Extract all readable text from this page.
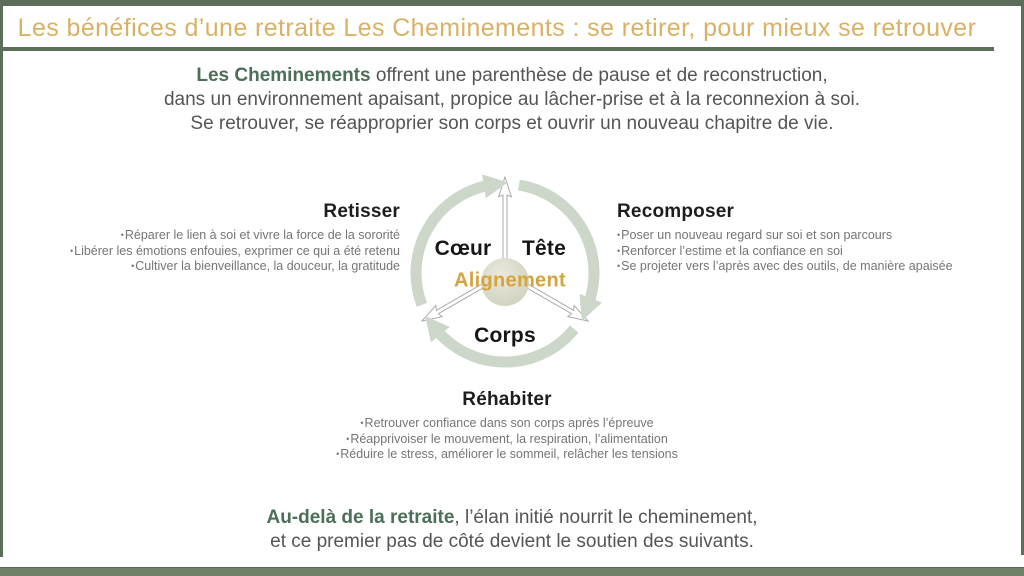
Les bénéfices d’une retraite Les Cheminements : se retirer, pour mieux se retrouver
Les Cheminements offrent une parenthèse de pause et de reconstruction,
dans un environnement apaisant, propice au lâcher-prise et à la reconnexion à soi.
Se retrouver, se réapproprier son corps et ouvrir un nouveau chapitre de vie.
Cœur Tête
Corps
Alignement
Retisser
•Réparer le lien à soi et vivre la force de la sororité
•Libérer les émotions enfouies, exprimer ce qui a été retenu
•Cultiver la bienveillance, la douceur, la gratitude
Recomposer
•Poser un nouveau regard sur soi et son parcours
•Renforcer l’estime et la confiance en soi
•Se projeter vers l’après avec des outils, de manière apaisée
Réhabiter
•Retrouver confiance dans son corps après l’épreuve
•Réapprivoiser le mouvement, la respiration, l’alimentation
•Réduire le stress, améliorer le sommeil, relâcher les tensions
Au-delà de la retraite, l’élan initié nourrit le cheminement,
et ce premier pas de côté devient le soutien des suivants.
